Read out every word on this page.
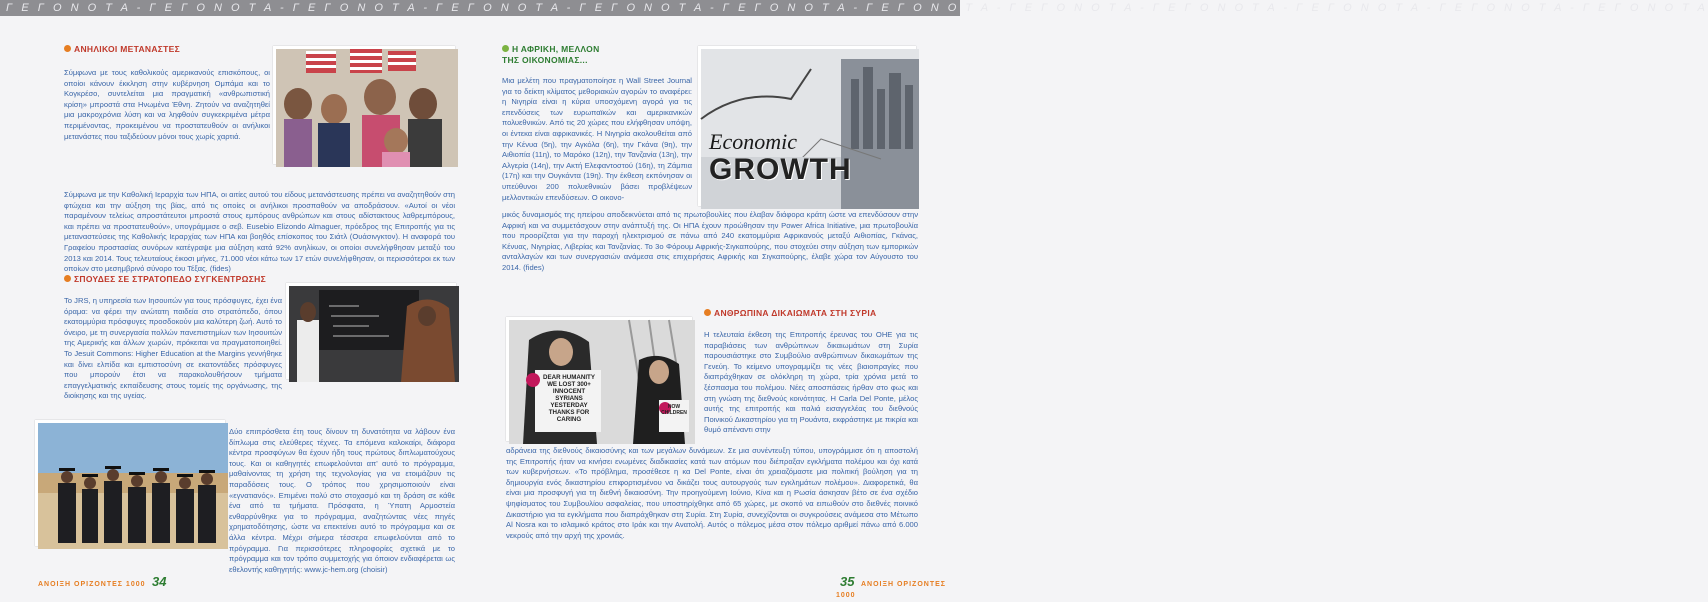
Γ Ε Γ Ο Ν Ο Τ Α - Γ Ε Γ Ο Ν Ο Τ Α - Γ Ε Γ Ο Ν Ο Τ Α - Γ Ε Γ Ο Ν Ο Τ Α - Γ Ε Γ Ο Ν Ο Τ Α - Γ Ε Γ Ο Ν Ο Τ Α - Γ Ε Γ Ο Ν Ο Τ Α - Γ Ε Γ Ο Ν Ο Τ Α - Γ Ε Γ Ο Ν Ο Τ Α - Γ Ε Γ Ο Ν Ο Τ Α - Γ Ε Γ Ο Ν Ο Τ Α - Γ Ε Γ Ο Ν Ο Τ Α
ΑΝΗΛΙΚΟΙ ΜΕΤΑΝΑΣΤΕΣ
Σύμφωνα με τους καθολικούς αμερικανούς επισκόπους, οι οποίοι κάνουν έκκληση στην κυβέρνηση Ομπάμα και το Κογκρέσο, συντελείται μια πραγματική «ανθρωπιστική κρίση» μπροστά στα Ηνωμένα Έθνη. Ζητούν να αναζητηθεί μια μακροχρόνια λύση και να ληφθούν συγκεκριμένα μέτρα περιμένοντας, προκειμένου να προστατευθούν οι ανήλικοι μετανάστες που ταξιδεύουν μόνοι τους χωρίς χαρτιά.
Σύμφωνα με την Καθολική Ιεραρχία των ΗΠΑ, οι αιτίες αυτού του είδους μετανάστευσης πρέπει να αναζητηθούν στη φτώχεια και την αύξηση της βίας, από τις οποίες οι ανήλικοι προσπαθούν να αποδράσουν. «Αυτοί οι νέοι παραμένουν τελείως απροστάτευτοι μπροστά στους εμπόρους ανθρώπων και στους αδίστακτους λαθρεμπόρους, και πρέπει να προστατευθούν», υπογράμμισε ο σεβ. Eusebio Elizondo Almaguer, πρόεδρος της Επιτροπής για τις μεταναστεύσεις της Καθολικής Ιεραρχίας των ΗΠΑ και βοηθός επίσκοπος του Σιάτλ (Ουάσινγκτον). Η αναφορά του Γραφείου προστασίας συνόρων κατέγραψε μια αύξηση κατά 92% ανηλίκων, οι οποίοι συνελήφθησαν μεταξύ του 2013 και 2014. Τους τελευταίους έικοσι μήνες, 71.000 νέοι κάτω των 17 ετών συνελήφθησαν, οι περισσότεροι εκ των οποίων στο μεσημβρινό σύνορο του Τέξας. (fides)
ΣΠΟΥΔΕΣ ΣΕ ΣΤΡΑΤΟΠΕΔΟ ΣΥΓΚΕΝΤΡΩΣΗΣ
Το JRS, η υπηρεσία των Ιησουιτών για τους πρόσφυγες, έχει ένα όραμα: να φέρει την ανώτατη παιδεία στο στρατόπεδο, όπου εκατομμύρια πρόσφυγες προσδοκούν μια καλύτερη ζωή. Αυτό το όνειρο, με τη συνεργασία πολλών πανεπιστημίων των Ιησουιτών της Αμερικής και άλλων χωρών, πρόκειται να πραγματοποιηθεί. Το Jesuit Commons: Higher Education at the Margins γεννήθηκε και δίνει ελπίδα και εμπιστοσύνη σε εκατοντάδες πρόσφυγες που μπορούν έτσι να παρακολουθήσουν τμήματα επαγγελματικής εκπαίδευσης στους τομείς της οργάνωσης, της διοίκησης και της υγείας.
Δύο επιπρόσθετα έτη τους δίνουν τη δυνατότητα να λάβουν ένα δίπλωμα στις ελεύθερες τέχνες. Τα επόμενα καλοκαίρι, διάφορα κέντρα προσφύγων θα έχουν ήδη τους πρώτους διπλωματούχους τους. Και οι καθηγητές επωφελούνται απ' αυτό το πρόγραμμα, μαθαίνοντας τη χρήση της τεχνολογίας για να ετοιμάζουν τις παραδόσεις τους. Ο τρόπος που χρησιμοποιούν είναι «εγνατιανός». Επιμένει πολύ στο στοχασμό και τη δράση σε κάθε ένα από τα τμήματα. Πρόσφατα, η Ύπατη Αρμοστεία ενθαρρύνθηκε για το πρόγραμμα, αναζητώντας νέες πηγές χρηματοδότησης, ώστε να επεκτείνει αυτό το πρόγραμμα και σε άλλα κέντρα. Μέχρι σήμερα τέσσερα επωφελούνται από το πρόγραμμα. Για περισσότερες πληροφορίες σχετικά με το πρόγραμμα και τον τρόπο συμμετοχής για όποιον ενδιαφέρεται ως εθελοντής καθηγητής: www.jc-hem.org (choisir)
ΑΝΟΙΞΗ ΟΡΙΖΟΝΤΕΣ 1000 34
Η ΑΦΡΙΚΗ, ΜΕΛΛΟΝ
ΤΗΣ ΟΙΚΟΝΟΜΙΑΣ...
Μια μελέτη που πραγματοποίησε η Wall Street Journal για το δείκτη κλίματος μεθοριακών αγορών το αναφέρει: η Νιγηρία είναι η κύρια υποσχόμενη αγορά για τις επενδύσεις των ευρωπαϊκών και αμερικανικών πολυεθνικών. Από τις 20 χώρες που ελήφθησαν υπόψη, οι έντεκα είναι αφρικανικές. Η Νιγηρία ακολουθείται από την Κένυα (5η), την Αγκόλα (6η), την Γκάνα (9η), την Αιθιοπία (11η), το Μαρόκο (12η), την Τανζανία (13η), την Αλγερία (14η), την Ακτή Ελεφαντοστού (16η), τη Ζάμπια (17η) και την Ουγκάντα (19η). Την έκθεση εκπόνησαν οι υπεύθυνοι 200 πολυεθνικών βάσει προβλέψεων μελλοντικών επενδύσεων. Ο οικονο-
Economic
GROWTH
μικός δυναμισμός της ηπείρου αποδεικνύεται από τις πρωτοβουλίες που έλαβαν διάφορα κράτη ώστε να επενδύσουν στην Αφρική και να συμμετάσχουν στην ανάπτυξή της. Οι ΗΠΑ έχουν προώθησαν την Power Africa Initiative, μια πρωτοβουλία που προορίζεται για την παροχή ηλεκτρισμού σε πάνω από 240 εκατομμύρια Αφρικανούς μεταξύ Αιθιοπίας, Γκάνας, Κένυας, Νιγηρίας, Λιβερίας και Τανζανίας. Το 3ο Φόρουμ Αφρικής-Σιγκαπούρης, που στοχεύει στην αύξηση των εμπορικών ανταλλαγών και των συνεργασιών ανάμεσα στις επιχειρήσεις Αφρικής και Σιγκαπούρης, έλαβε χώρα τον Αύγουστο του 2014. (fides)
ΑΝΘΡΩΠΙΝΑ ΔΙΚΑΙΩΜΑΤΑ ΣΤΗ ΣΥΡΙΑ
DEAR HUMANITY WE LOST 300+ INNOCENT SYRIANS YESTERDAY THANKS FOR CARING
NOW CHILDREN
Η τελευταία έκθεση της Επιτροπής έρευνας του ΟΗΕ για τις παραβιάσεις των ανθρώπινων δικαιωμάτων στη Συρία παρουσιάστηκε στο Συμβούλιο ανθρώπινων δικαιωμάτων της Γενεύη. Το κείμενο υπογραμμίζει τις νέες βιαιοπραγίες που διαπράχθηκαν σε ολόκληρη τη χώρα, τρία χρόνια μετά το ξέσπασμα του πολέμου. Νέες αποσπάσεις ήρθαν στο φως και στη γνώση της διεθνούς κοινότητας. Η Carla Del Ponte, μέλος αυτής της επιτροπής και παλιά εισαγγελέας του διεθνούς Ποινικού Δικαστηρίου για τη Ρουάντα, εκφράστηκε με πικρία και θυμό απέναντι στην
αδράνεια της διεθνούς δικαιοσύνης και των μεγάλων δυνάμεων. Σε μια συνέντευξη τύπου, υπογράμμισε ότι η αποστολή της Επιτροπής ήταν να κινήσει ενωμένες διαδικασίες κατά των ατόμων που διέπραξαν εγκλήματα πολέμου και όχι κατά των κυβερνήσεων. «Το πρόβλημα, προσέθεσε η κα Del Ponte, είναι ότι χρειαζόμαστε μια πολιτική βούληση για τη δημιουργία ενός δικαστηρίου επιφορτισμένου να δικάζει τους αυτουργούς των εγκλημάτων πολέμου». Διαφορετικά, θα είναι μια προσφυγή για τη διεθνή δικαιοσύνη. Την προηγούμενη Ιούνιο, Κίνα και η Ρωσία άσκησαν βέτο σε ένα σχέδιο ψηφίσματος του Συμβουλίου ασφαλείας, που υποστηρίχθηκε από 65 χώρες, με σκοπό να ειπωθούν στο διεθνές ποινικό Δικαστήριο για τα εγκλήματα που διαπράχθηκαν στη Συρία. Στη Συρία, συνεχίζονται οι συγκρούσεις ανάμεσα στο Μέτωπο Al Nosra και το ισλαμικό κράτος στο Ιράκ και την Ανατολή. Αυτός ο πόλεμος μέσα στον πόλεμο αριθμεί πάνω από 6.000 νεκρούς από την αρχή της χρονιάς.
35 ΑΝΟΙΞΗ ΟΡΙΖΟΝΤΕΣ 1000
